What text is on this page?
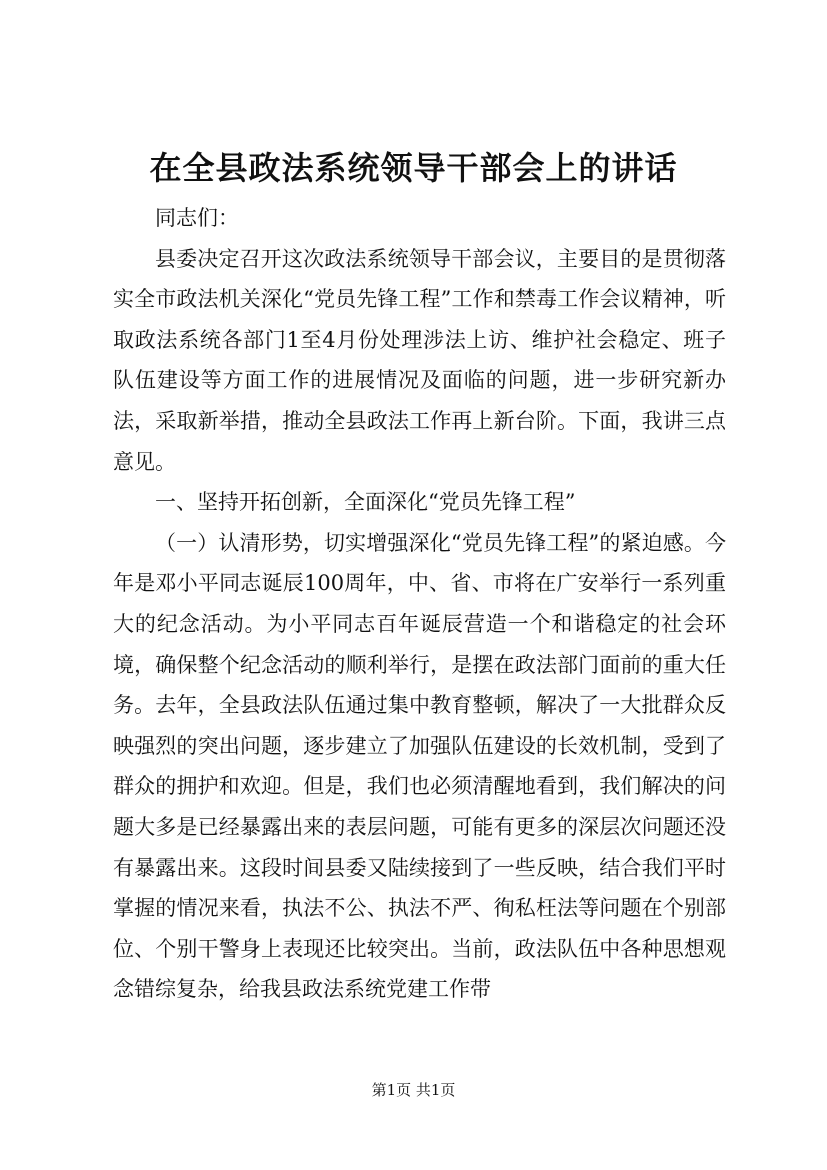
在全县政法系统领导干部会上的讲话

同志们：

县委决定召开这次政法系统领导干部会议，主要目的是贯彻落实全市政法机关深化“党员先锋工程”工作和禁毒工作会议精神，听取政法系统各部门1至4月份处理涉法上访、维护社会稳定、班子队伍建设等方面工作的进展情况及面临的问题，进一步研究新办法，采取新举措，推动全县政法工作再上新台阶。下面，我讲三点意见。

一、坚持开拓创新，全面深化“党员先锋工程”

（一）认清形势，切实增强深化“党员先锋工程”的紧迫感。今年是邓小平同志诞辰100周年，中、省、市将在广安举行一系列重大的纪念活动。为小平同志百年诞辰营造一个和谐稳定的社会环境，确保整个纪念活动的顺利举行，是摆在政法部门面前的重大任务。去年，全县政法队伍通过集中教育整顿，解决了一大批群众反映强烈的突出问题，逐步建立了加强队伍建设的长效机制，受到了群众的拥护和欢迎。但是，我们也必须清醒地看到，我们解决的问题大多是已经暴露出来的表层问题，可能有更多的深层次问题还没有暴露出来。这段时间县委又陆续接到了一些反映，结合我们平时掌握的情况来看，执法不公、执法不严、徇私枉法等问题在个别部位、个别干警身上表现还比较突出。当前，政法队伍中各种思想观念错综复杂，给我县政法系统党建工作带

第1页 共1页
